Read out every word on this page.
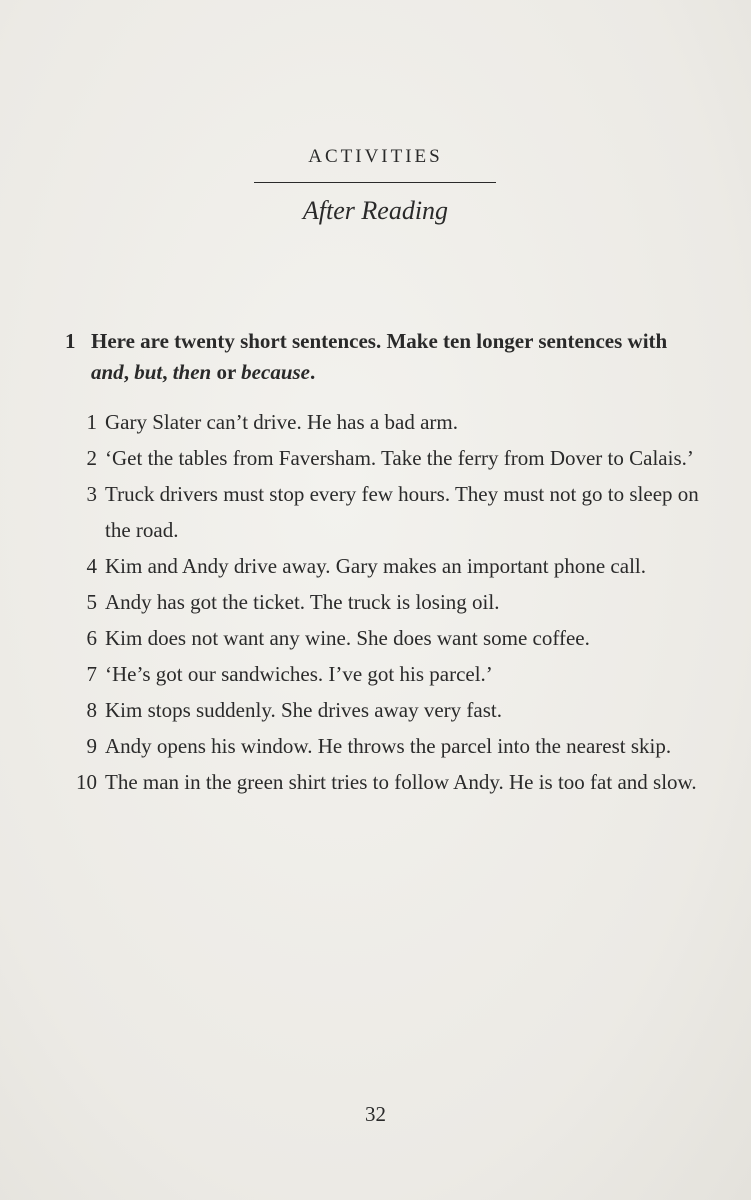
ACTIVITIES
After Reading
1 Here are twenty short sentences. Make ten longer sentences with and, but, then or because.
1 Gary Slater can’t drive. He has a bad arm.
2 ‘Get the tables from Faversham. Take the ferry from Dover to Calais.’
3 Truck drivers must stop every few hours. They must not go to sleep on the road.
4 Kim and Andy drive away. Gary makes an important phone call.
5 Andy has got the ticket. The truck is losing oil.
6 Kim does not want any wine. She does want some coffee.
7 ‘He’s got our sandwiches. I’ve got his parcel.’
8 Kim stops suddenly. She drives away very fast.
9 Andy opens his window. He throws the parcel into the nearest skip.
10 The man in the green shirt tries to follow Andy. He is too fat and slow.
32
